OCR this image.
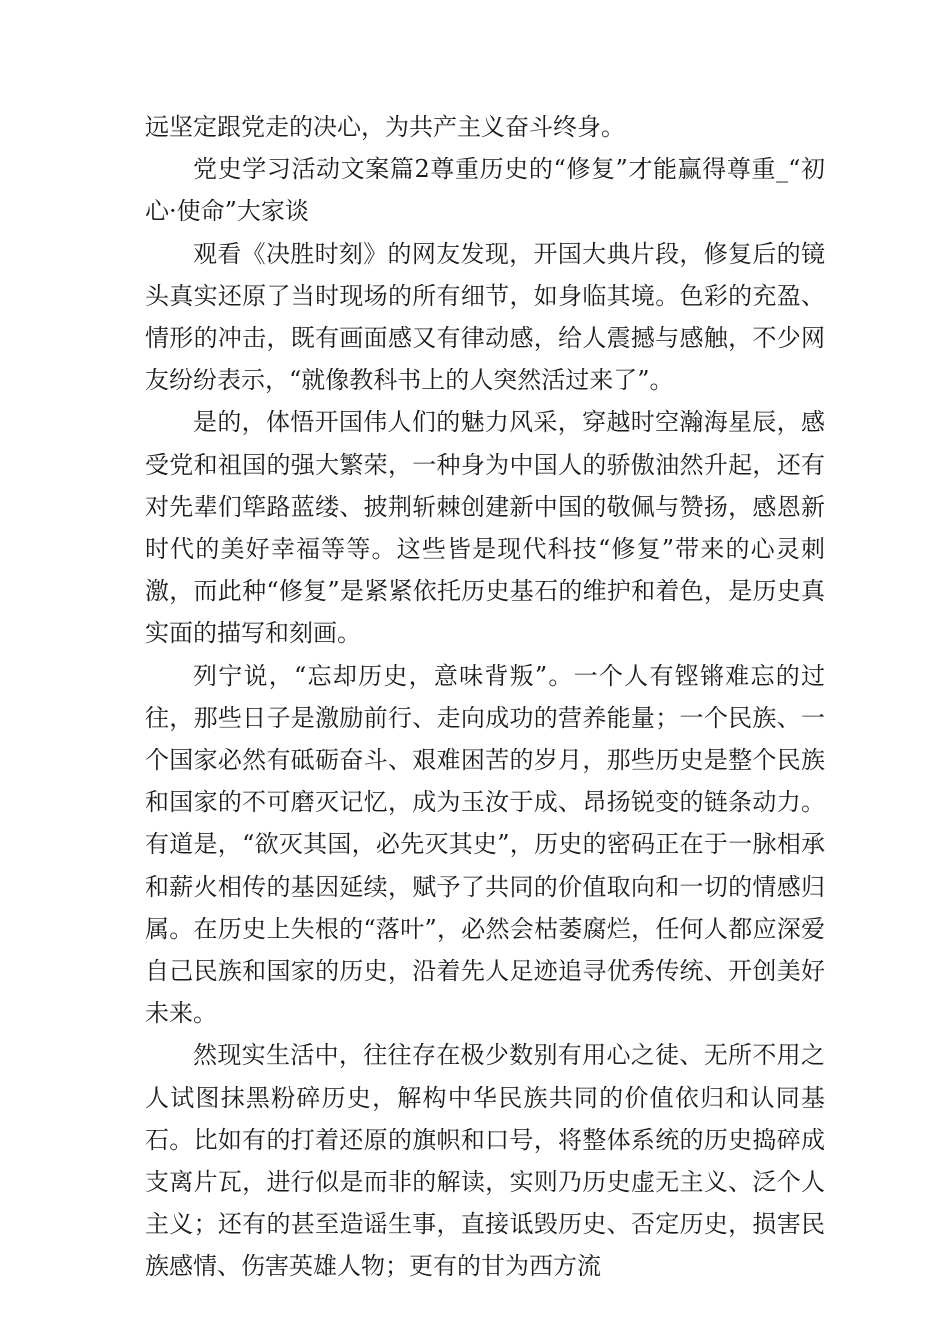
远坚定跟党走的决心，为共产主义奋斗终身。

党史学习活动文案篇2尊重历史的“修复”才能赢得尊重_“初心·使命”大家谈

观看《决胜时刻》的网友发现，开国大典片段，修复后的镜头真实还原了当时现场的所有细节，如身临其境。色彩的充盈、情形的冲击，既有画面感又有律动感，给人震撼与感触，不少网友纷纷表示，“就像教科书上的人突然活过来了”。

是的，体悟开国伟人们的魅力风采，穿越时空瀚海星辰，感受党和祖国的强大繁荣，一种身为中国人的骄傲油然升起，还有对先辈们筚路蓝缕、披荆斩棘创建新中国的敬佩与赞扬，感恩新时代的美好幸福等等。这些皆是现代科技“修复”带来的心灵刺激，而此种“修复”是紧紧依托历史基石的维护和着色，是历史真实面的描写和刻画。

列宁说，“忘却历史，意味背叛”。一个人有铿锵难忘的过往，那些日子是激励前行、走向成功的营养能量；一个民族、一个国家必然有砥砺奋斗、艰难困苦的岁月，那些历史是整个民族和国家的不可磨灭记忆，成为玉汝于成、昂扬锐变的链条动力。有道是，“欲灭其国，必先灭其史”，历史的密码正在于一脉相承和薪火相传的基因延续，赋予了共同的价值取向和一切的情感归属。在历史上失根的“落叶”，必然会枯萎腐烂，任何人都应深爱自己民族和国家的历史，沿着先人足迹追寻优秀传统、开创美好未来。

然现实生活中，往往存在极少数别有用心之徒、无所不用之人试图抹黑粉碎历史，解构中华民族共同的价值依归和认同基石。比如有的打着还原的旗帜和口号，将整体系统的历史捣碎成支离片瓦，进行似是而非的解读，实则乃历史虚无主义、泛个人主义；还有的甚至造谣生事，直接诋毁历史、否定历史，损害民族感情、伤害英雄人物；更有的甘为西方流
